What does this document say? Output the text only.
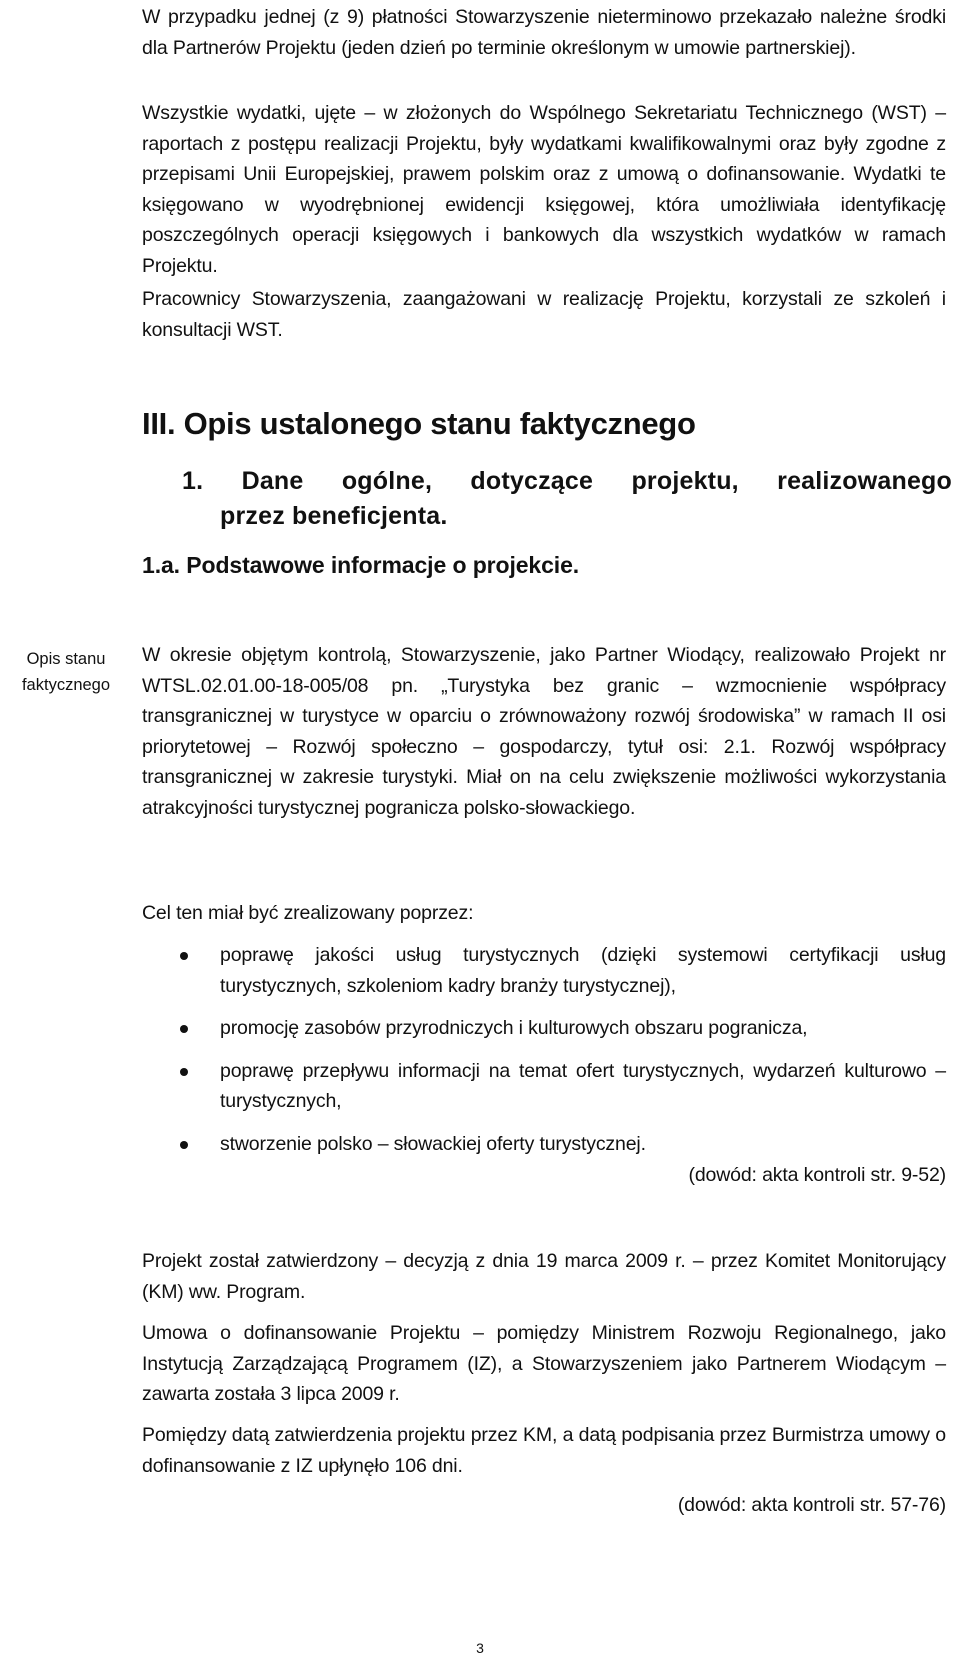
W przypadku jednej (z 9) płatności Stowarzyszenie nieterminowo przekazało należne środki dla Partnerów Projektu (jeden dzień po terminie określonym w umowie partnerskiej).

Wszystkie wydatki, ujęte – w złożonych do Wspólnego Sekretariatu Technicznego (WST) – raportach z postępu realizacji Projektu, były wydatkami kwalifikowalnymi oraz były zgodne z przepisami Unii Europejskiej, prawem polskim oraz z umową o dofinansowanie. Wydatki te księgowano w wyodrębnionej ewidencji księgowej, która umożliwiała identyfikację poszczególnych operacji księgowych i bankowych dla wszystkich wydatków w ramach Projektu.

Pracownicy Stowarzyszenia, zaangażowani w realizację Projektu, korzystali ze szkoleń i konsultacji WST.

III. Opis ustalonego stanu faktycznego
1. Dane ogólne, dotyczące projektu, realizowanego
przez beneficjenta.
1.a. Podstawowe informacje o projekcie.
Opis stanu faktycznego

W okresie objętym kontrolą, Stowarzyszenie, jako Partner Wiodący, realizowało Projekt nr WTSL.02.01.00-18-005/08 pn. „Turystyka bez granic – wzmocnienie współpracy transgranicznej w turystyce w oparciu o zrównoważony rozwój środowiska” w ramach II osi priorytetowej – Rozwój społeczno – gospodarczy, tytuł osi: 2.1. Rozwój współpracy transgranicznej w zakresie turystyki. Miał on na celu zwiększenie możliwości wykorzystania atrakcyjności turystycznej pogranicza polsko-słowackiego.

Cel ten miał być zrealizowany poprzez:

poprawę jakości usług turystycznych (dzięki systemowi certyfikacji usług turystycznych, szkoleniom kadry branży turystycznej),
promocję zasobów przyrodniczych i kulturowych obszaru pogranicza,
poprawę przepływu informacji na temat ofert turystycznych, wydarzeń kulturowo – turystycznych,
stworzenie polsko – słowackiej oferty turystycznej.
(dowód: akta kontroli str. 9-52)

Projekt został zatwierdzony – decyzją z dnia 19 marca 2009 r. – przez Komitet Monitorujący (KM) ww. Program.

Umowa o dofinansowanie Projektu – pomiędzy Ministrem Rozwoju Regionalnego, jako Instytucją Zarządzającą Programem (IZ), a Stowarzyszeniem jako Partnerem Wiodącym – zawarta została 3 lipca 2009 r.

Pomiędzy datą zatwierdzenia projektu przez KM, a datą podpisania przez Burmistrza umowy o dofinansowanie z IZ upłynęło 106 dni.

(dowód: akta kontroli str. 57-76)
3
